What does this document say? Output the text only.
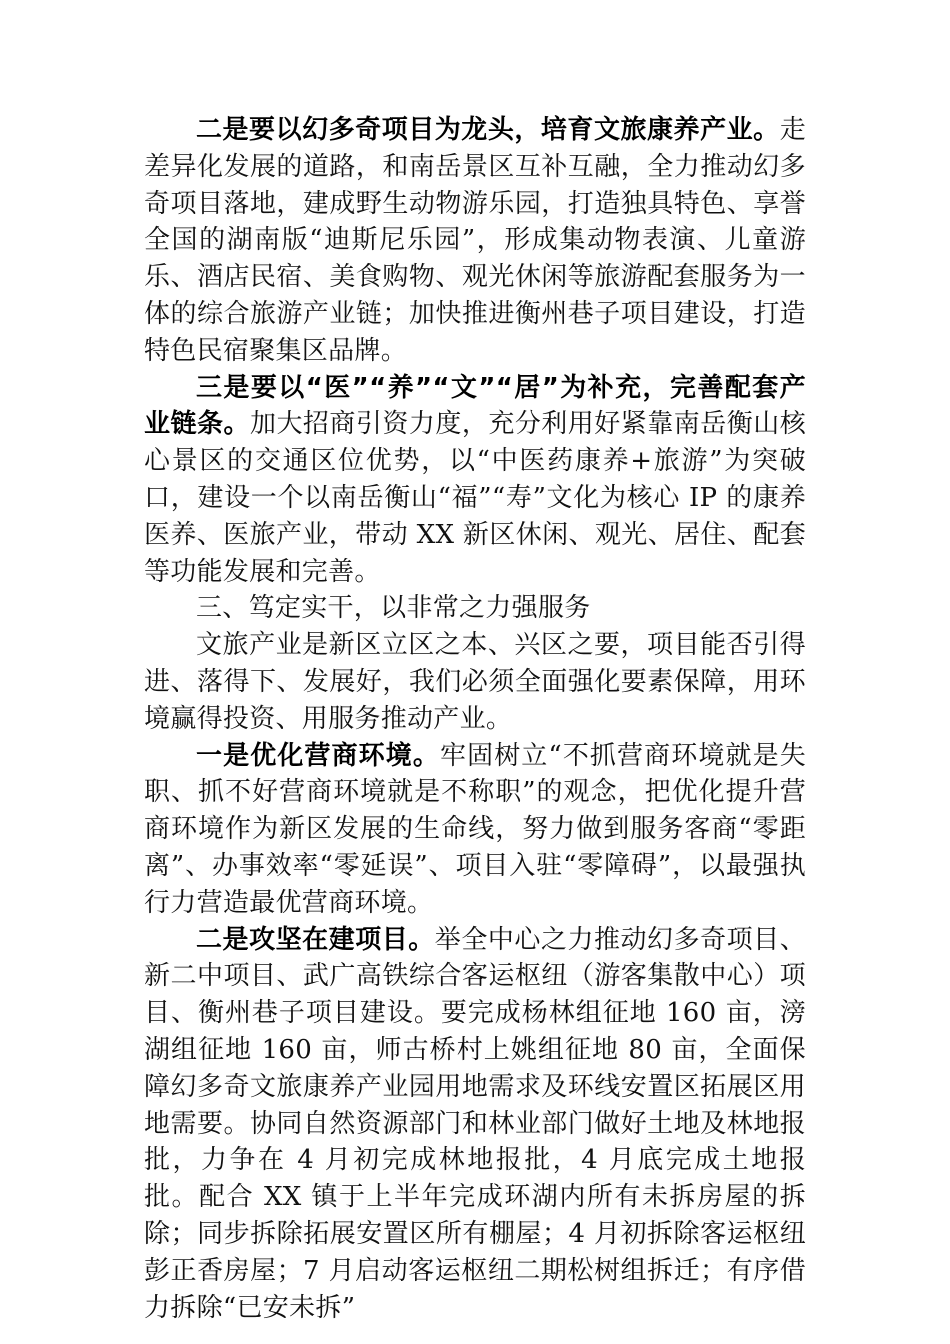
二是要以幻多奇项目为龙头，培育文旅康养产业。走差异化发展的道路，和南岳景区互补互融，全力推动幻多奇项目落地，建成野生动物游乐园，打造独具特色、享誉全国的湖南版“迪斯尼乐园”，形成集动物表演、儿童游乐、酒店民宿、美食购物、观光休闲等旅游配套服务为一体的综合旅游产业链；加快推进衡州巷子项目建设，打造特色民宿聚集区品牌。

三是要以“医”“养”“文”“居”为补充，完善配套产业链条。加大招商引资力度，充分利用好紧靠南岳衡山核心景区的交通区位优势，以“中医药康养+旅游”为突破口，建设一个以南岳衡山“福”“寿”文化为核心 IP 的康养医养、医旅产业，带动 XX 新区休闲、观光、居住、配套等功能发展和完善。

三、笃定实干，以非常之力强服务

文旅产业是新区立区之本、兴区之要，项目能否引得进、落得下、发展好，我们必须全面强化要素保障，用环境赢得投资、用服务推动产业。

一是优化营商环境。牢固树立“不抓营商环境就是失职、抓不好营商环境就是不称职”的观念，把优化提升营商环境作为新区发展的生命线，努力做到服务客商“零距离”、办事效率“零延误”、项目入驻“零障碍”，以最强执行力营造最优营商环境。

二是攻坚在建项目。举全中心之力推动幻多奇项目、新二中项目、武广高铁综合客运枢纽（游客集散中心）项目、衡州巷子项目建设。要完成杨林组征地 160 亩，滂湖组征地 160 亩，师古桥村上姚组征地 80 亩，全面保障幻多奇文旅康养产业园用地需求及环线安置区拓展区用地需要。协同自然资源部门和林业部门做好土地及林地报批，力争在 4 月初完成林地报批，4 月底完成土地报批。配合 XX 镇于上半年完成环湖内所有未拆房屋的拆除；同步拆除拓展安置区所有棚屋；4 月初拆除客运枢纽彭正香房屋；7 月启动客运枢纽二期松树组拆迁；有序借力拆除“已安未拆”
